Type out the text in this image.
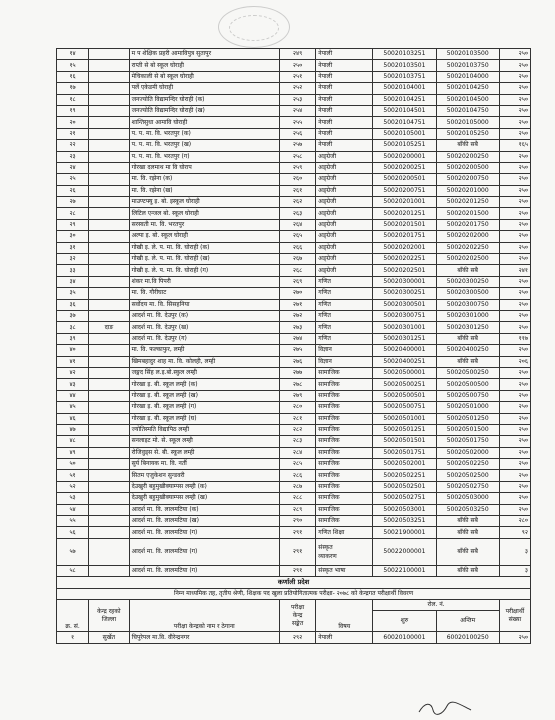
१४		म प शेक्षिक प्रहरी आमाविपुत्र सुतापुर	२४९	नेपाली	50020103251	50020103500	२५०
१५		राप्ती से बो स्कूल घोराही	२५०	नेपाली	50020103501	50020103750	२५०
१६		मेचिकाली से बो स्कूल घोराही	२५१	नेपाली	50020103751	50020104000	२५०
१७		पर्ले एकेडमी घोराही	२५२	नेपाली	50020104001	50020104250	२५०
१८		जनज्योति विद्यामन्दिर घोराही (क)	२५३	नेपाली	50020104251	50020104500	२५०
१९		जनज्योति विद्यामन्दिर घोराही (ख)	२५४	नेपाली	50020104501	50020104750	२५०
२०		शान्तिसुधा आमावि घोराही	२५५	नेपाली	50020104751	50020105000	२५०
२१		प. प. मा. वि. भरतपुर (क)	२५६	नेपाली	50020105001	50020105250	२५०
२२		प. प. मा. वि. भरतपुर (ख)	२५७	नेपाली	50020105251	बाँकी सबै	१६५
२३		प. प. मा. वि. भरतपुर (ग)	२५८	अङ्ग्रेजी	50020200001	50020200250	२५०
२४		गोरखा दलमाथ मा वि घोराप	२५९	अङ्ग्रेजी	50020200251	50020200500	२५०
२५		मा. वि. रझेना (क)	२६०	अङ्ग्रेजी	50020200501	50020200750	२५०
२६		मा. वि. रझेना (ख)	२६१	अङ्ग्रेजी	50020200751	50020201000	२५०
२७		माउण्टफ्यु इ. बो. इस्कूल घोराही	२६२	अङ्ग्रेजी	50020201001	50020201250	२५०
२८		लिटिल एन्जल बो. स्कूल घोराही	२६३	अङ्ग्रेजी	50020201251	50020201500	२५०
२९		सरस्वती मा. वि. भरतपुर	२६४	अङ्ग्रेजी	50020201501	50020201750	२५०
३०		अल्पा इ. बो. स्कूल घोराही	२६५	अङ्ग्रेजी	50020201751	50020202000	२५०
३१		गोखी इ. ले. प. मा. वि. घोराही (क)	२६६	अङ्ग्रेजी	50020202001	50020202250	२५०
३२		गोखी इ. ले. प. मा. वि. घोराही (ख)	२६७	अङ्ग्रेजी	50020202251	50020202500	२५०
३३		गोखी इ. ले. प. मा. वि. घोराही (ग)	२६८	अङ्ग्रेजी	50020202501	बाँकी सबै	२४१
३४		शंकर मा.वि पिपरी	२६९	गणित	50020300001	50020300250	२५०
३५		मा. वि. गौरीघाट	२७०	गणित	50020300251	50020300500	२५०
३६		सर्वोदय मा. वि. सिसहनिया	२७१	गणित	50020300501	50020300750	२५०
३७		आदर्श मा. वि. देउपुर (क)	२७२	गणित	50020300751	50020301000	२५०
३८	दाङ	आदर्श मा. वि. देउपुर (ख)	२७३	गणित	50020301001	50020301250	२५०
३९		आदर्श मा. वि. देउपुर (ग)	२७४	गणित	50020301251	बाँकी सबै	११७
४०		मा. वि. फल्काफुर, लम्ही	२७५	विज्ञान	50020400001	50020400250	२५०
४१		खिमबहादुर शाह मा. वि. कोलही, लम्ही	२७६	विज्ञान	50020400251	बाँकी सबै	२०६
४२		जङ्गद सिंह ल.इ.बो.स्कुल लम्ही	२७७	सामाजिक	50020500001	50020500250	२५०
४३		गोरखा इ. बी. स्कूल लम्ही (क)	२७८	सामाजिक	50020500251	50020500500	२५०
४४		गोरखा इ. बी. स्कूल लम्ही (ख)	२७९	सामाजिक	50020500501	50020500750	२५०
४५		गोरखा इ. बी. स्कूल लम्ही (ग)	२८०	सामाजिक	50020500751	50020501000	२५०
४६		गोरखा इ. बी. स्कूल लम्ही (घ)	२८१	सामाजिक	50020501001	50020501250	२५०
४७		ज्योतिस्मति विद्यापिठ लम्ही	२८२	सामाजिक	50020501251	50020501500	२५०
४८		सनलाइट मो. से. स्कूल लम्ही	२८३	सामाजिक	50020501501	50020501750	२५०
४९		रोजिवुड्स से. बी. स्कूल लम्ही	२८४	सामाजिक	50020501751	50020502000	२५०
५०		सुर्य बिनायक मा. वि. नर्ती	२८५	सामाजिक	50020502001	50020502250	२५०
५१		सितम एजुकेशन सुन्डवरी	२८६	सामाजिक	50020502251	50020502500	२५०
५२		देउखुरी बहुमुखीक्याम्पस लम्ही (क)	२८७	सामाजिक	50020502501	50020502750	२५०
५३		देउखुरी बहुमुखीक्याम्पस लम्ही (ख)	२८८	सामाजिक	50020502751	50020503000	२५०
५४		आदर्श मा. वि. लालमटिया (क)	२८९	सामाजिक	50020503001	50020503250	२५०
५५		आदर्श मा. वि. लालमटिया (ख)	२९०	सामाजिक	50020503251	बाँकी सबै	२८०
५६		आदर्श मा. वि. लालमटिया (ग)	२९१	गणित शिक्षा	50021900001	बाँकी सबै	९२
५७		आदर्श मा. वि. लालमटिया (ग)	२९१	संस्कृत
व्याकरण	50022000001	बाँकी सबै	३
५८		आदर्श मा. वि. लालमटिया (ग)	२९१	संस्कृत भाषा	50022100001	बाँकी सबै	३
कर्णाली प्रदेश							
निम्न माध्यमिक तह, तृतीय श्रेणी, शिक्षक पद खुला प्रतियोगितात्मक परीक्षा- २०७८ को केन्द्रगत परीक्षार्थी विवरण							
क्र. सं.	केन्द्र रहको
जिल्ला	परीक्षा केन्द्रको नाम र ठेगाना	परीक्षा
केन्द्र
सङ्केत	विषय	रोल. नं.		परीक्षार्थी
संख्या
					शुरु	अन्तिम	
१	सुर्खेत	चिपुरेपल मा.वि. वीरेन्द्रनगर	२९२	नेपाली	60020100001	60020100250	२५०
